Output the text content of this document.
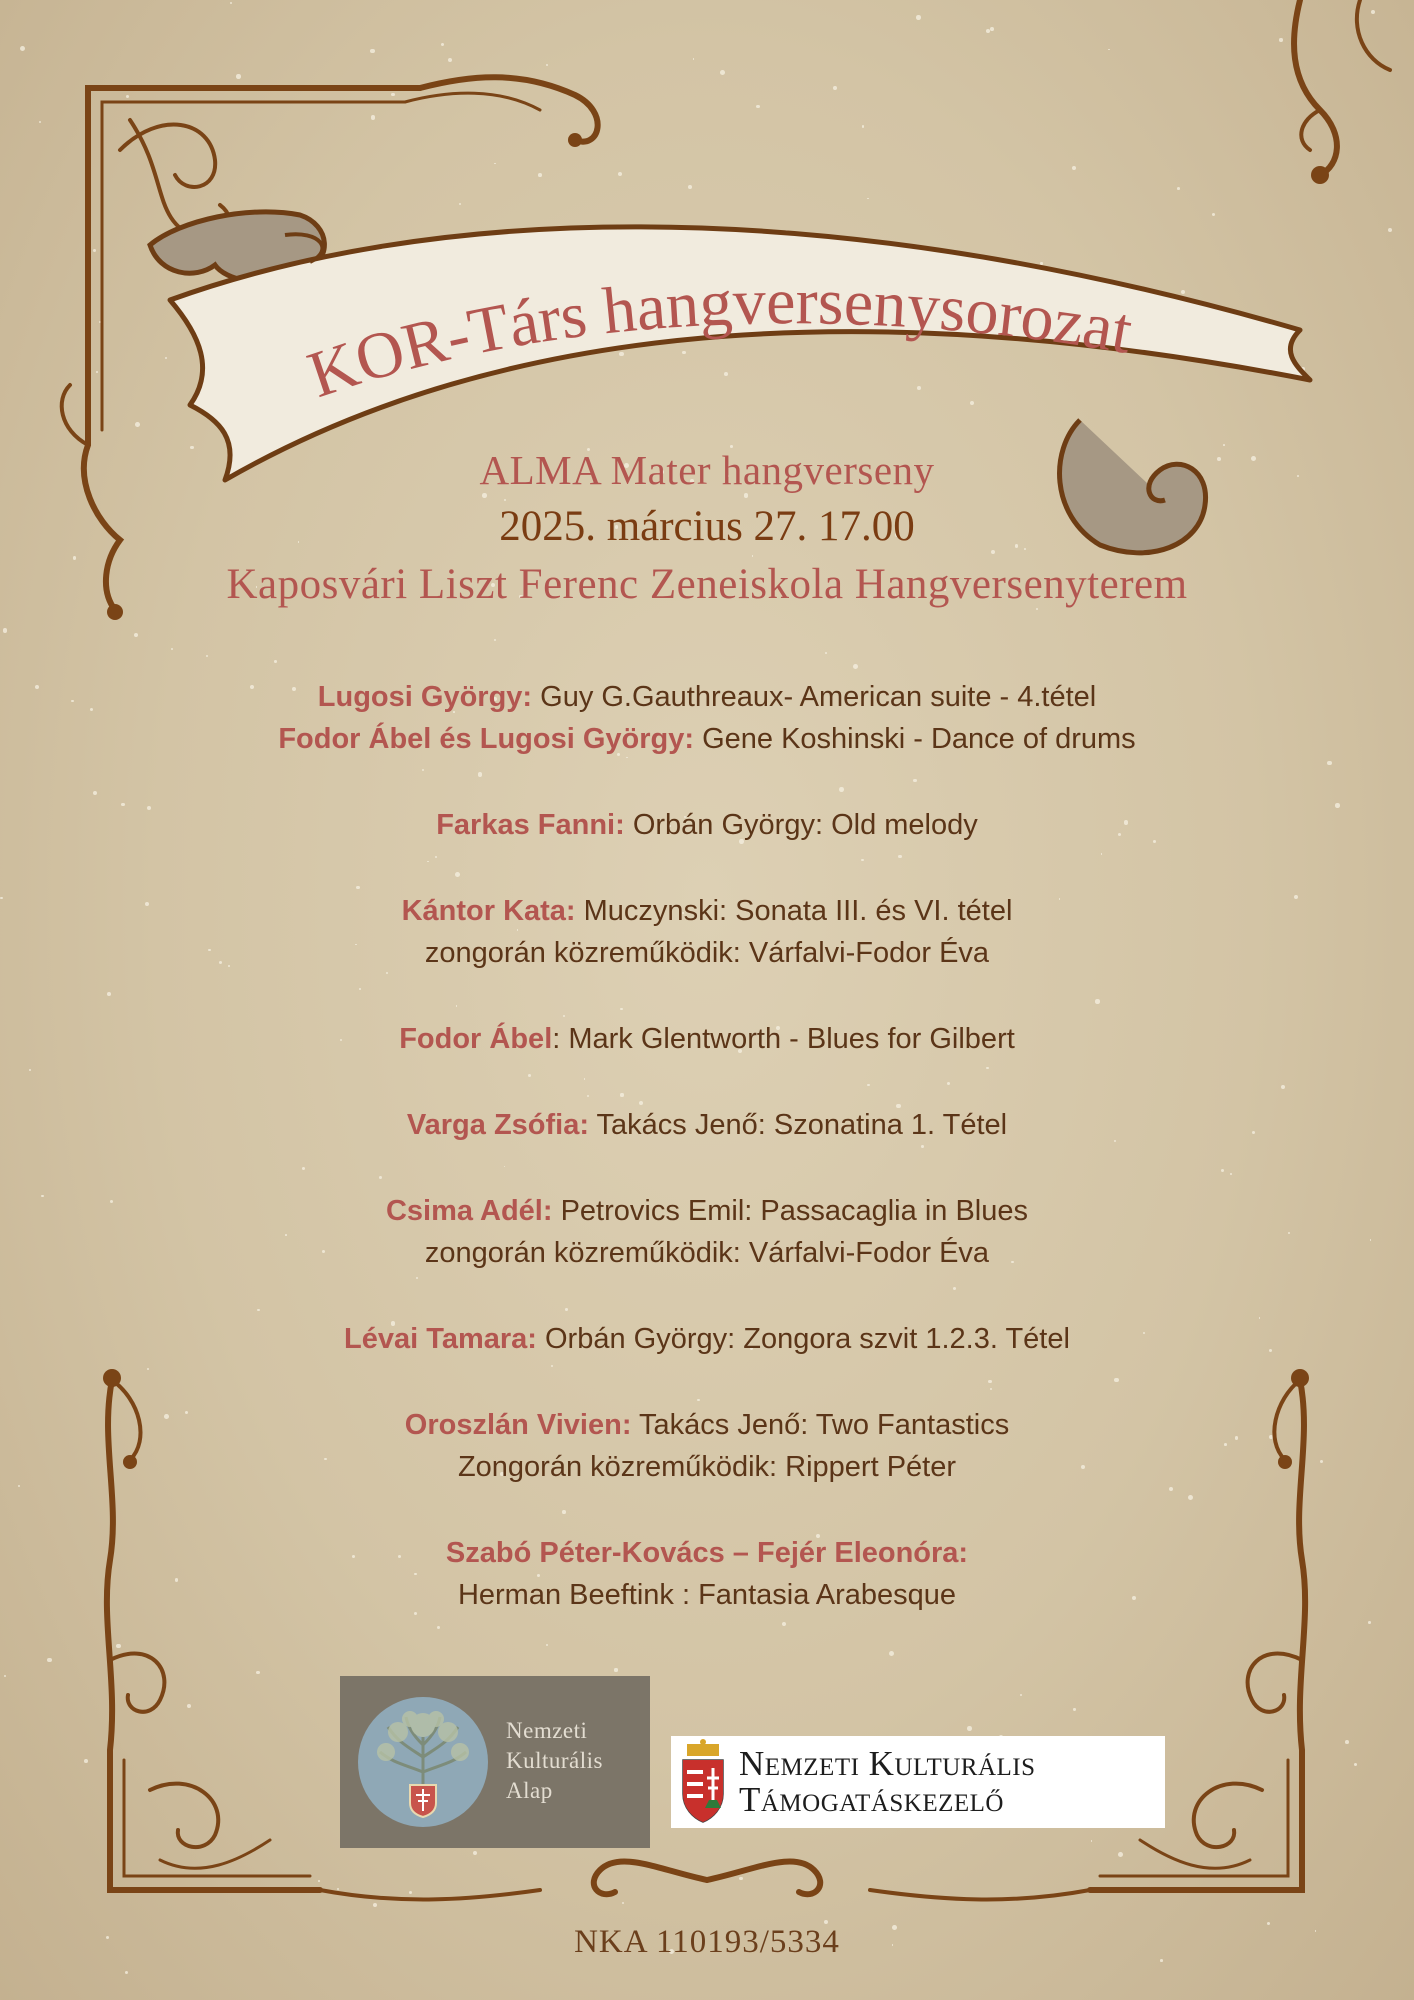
KOR-Társ hangversenysorozat
ALMA Mater hangverseny
2025. március 27. 17.00
Kaposvári Liszt Ferenc Zeneiskola Hangversenyterem
Lugosi György: Guy G.Gauthreaux- American suite - 4.tétel
Fodor Ábel és Lugosi György: Gene Koshinski - Dance of drums
Farkas Fanni: Orbán György: Old melody
Kántor Kata: Muczynski: Sonata III. és VI. tétel
zongorán közreműködik: Várfalvi-Fodor Éva
Fodor Ábel: Mark Glentworth - Blues for Gilbert
Varga Zsófia: Takács Jenő: Szonatina 1. Tétel
Csima Adél: Petrovics Emil: Passacaglia in Blues
zongorán közreműködik: Várfalvi-Fodor Éva
Lévai Tamara: Orbán György: Zongora szvit 1.2.3. Tétel
Oroszlán Vivien: Takács Jenő: Two Fantastics
Zongorán közreműködik: Rippert Péter
Szabó Péter-Kovács – Fejér Eleonóra:
Herman Beeftink : Fantasia Arabesque
Nemzeti
Kulturális
Alap
Nemzeti Kulturális
Támogatáskezelő
NKA 110193/5334
